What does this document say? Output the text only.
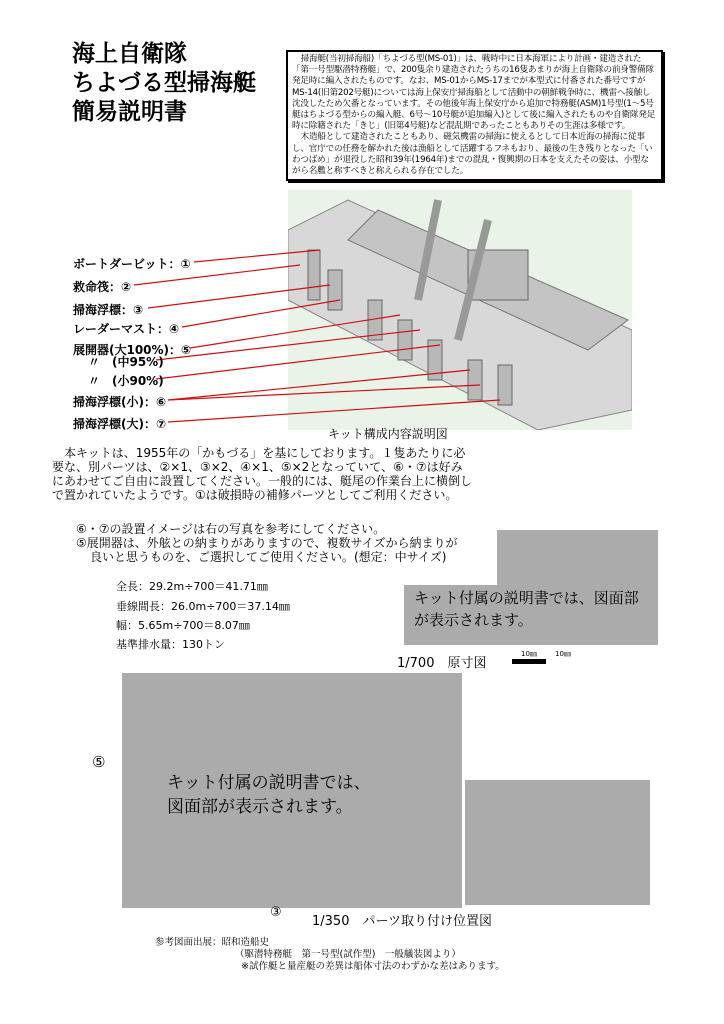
海上自衛隊
ちよづる型掃海艇
簡易説明書

掃海艇(当初掃海船)「ちよづる型(MS-01)」は、戦時中に日本海軍により計画・建造された「第一号型駆潜特務艇」で、200隻余り建造されたうちの16隻あまりが海上自衛隊の前身警備隊発足時に編入されたものです。なお、MS-01からMS-17までが本型式に付番された番号ですがMS-14(旧第202号艇)については海上保安庁掃海船として活動中の朝鮮戦争時に、機雷へ接触し沈没したため欠番となっています。その他後年海上保安庁から追加で特務艇(ASM)1号型(1～5号艇はちよづる型からの編入艇、6号～10号艇が追加編入)として後に編入されたものや自衛隊発足時に除籍された「きじ」(旧第4号艇)など混乱期であったこともありその生涯は多様です。

木造船として建造されたこともあり、磁気機雷の掃海に使えるとして日本近海の掃海に従事し、官庁での任務を解かれた後は漁船として活躍するフネもおり、最後の生き残りとなった「いわつばめ」が退役した昭和39年(1964年)までの混乱・復興期の日本を支えたその姿は、小型ながら名艦と称すべきと称えられる存在でした。

ボートダービット：①
救命筏：②
掃海浮標：③
レーダーマスト：④
展開器(大100%)：⑤
〃　(中95%)
〃　(小90%)
掃海浮標(小)：⑥
掃海浮標(大)：⑦
キット構成内容説明図
本キットは、1955年の「かもづる」を基にしております。１隻あたりに必要な、別パーツは、②×1、③×2、④×1、⑤×2となっていて、⑥・⑦は好みにあわせてご自由に設置してください。一般的には、艇尾の作業台上に横倒しで置かれていたようです。①は破損時の補修パーツとしてご利用ください。
⑥・⑦の設置イメージは右の写真を参考にしてください。
⑤展開器は、外舷との納まりがありますので、複数サイズから納まりが
良いと思うものを、ご選択してご使用ください。(想定：中サイズ)
全長：29.2m÷700＝41.71㎜
垂線間長：26.0m÷700＝37.14㎜
幅：5.65m÷700＝8.07㎜
基準排水量：130トン
キット付属の説明書では、図面部が表示されます。
1/700　原寸図
10㎜	10㎜
⑤
キット付属の説明書では、
図面部が表示されます。
③
1/350　パーツ取り付け位置図
参考図面出展：昭和造船史
（駆潜特務艇　第一号型(試作型)　一般艤装図より）
※試作艇と量産艇の差異は船体寸法のわずかな差はあります。
